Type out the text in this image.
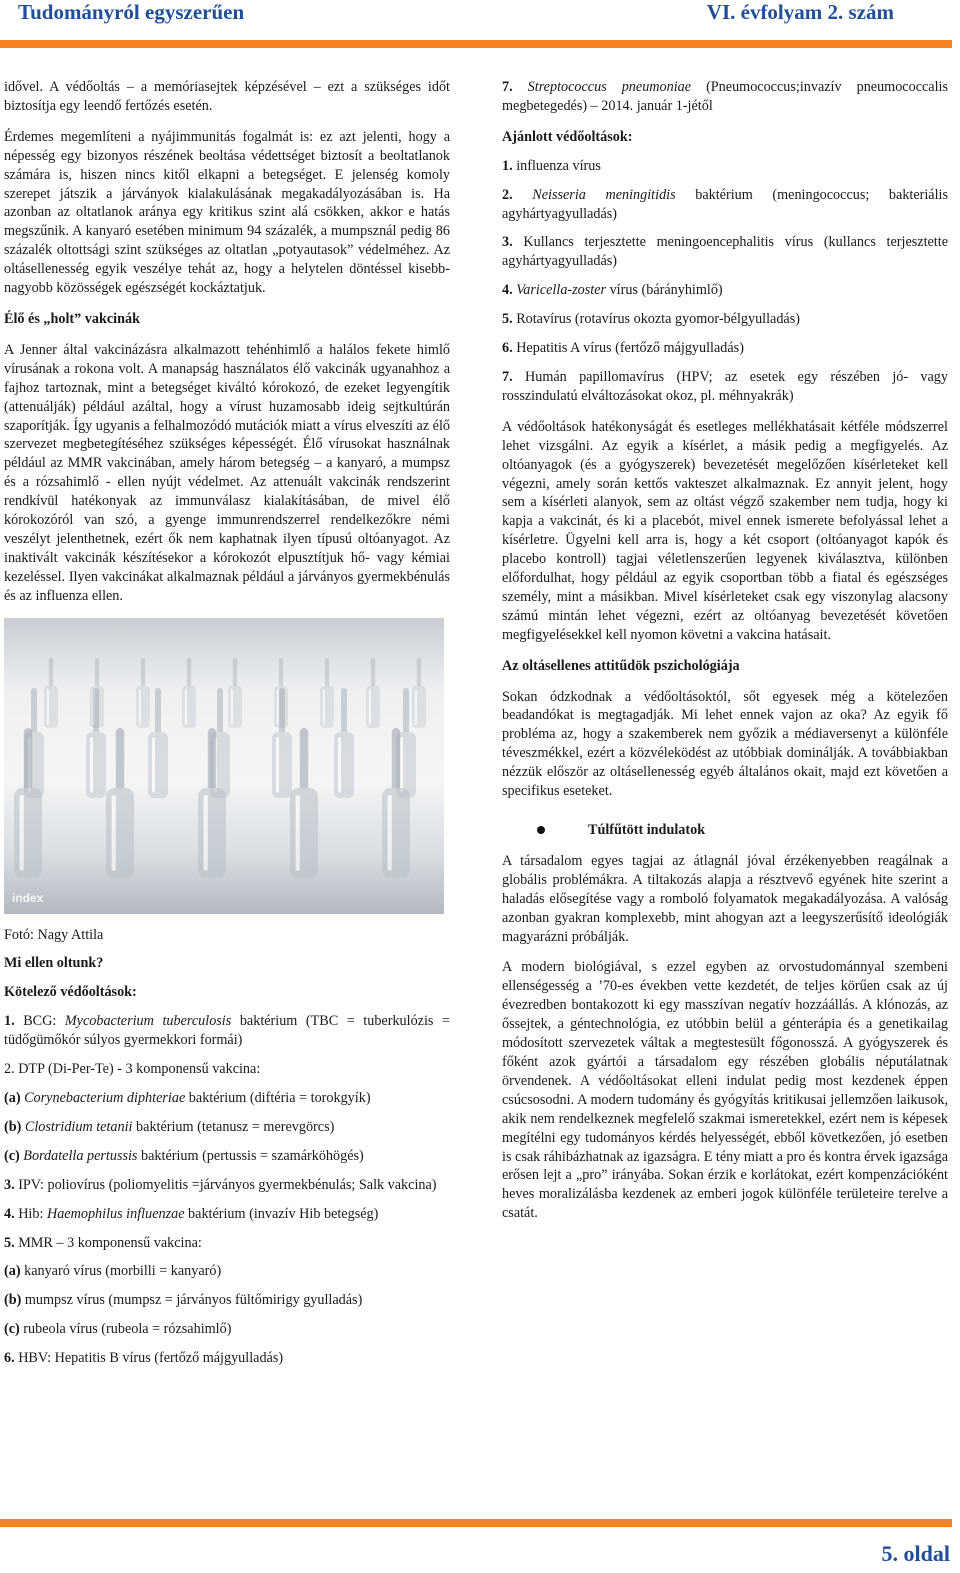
Tudományról egyszerűen	VI. évfolyam 2. szám

idővel. A védőoltás – a memóriasejtek képzésével – ezt a szükséges időt biztosítja egy leendő fertőzés esetén.

Érdemes megemlíteni a nyájimmunitás fogalmát is: ez azt jelenti, hogy a népesség egy bizonyos részének beoltása védettséget biztosít a beoltatlanok számára is, hiszen nincs kitől elkapni a betegséget. E jelenség komoly szerepet játszik a járványok kialakulásának megakadályozásában is. Ha azonban az oltatlanok aránya egy kritikus szint alá csökken, akkor e hatás megszűnik. A kanyaró esetében minimum 94 százalék, a mumpsznál pedig 86 százalék oltottsági szint szükséges az oltatlan „potyautasok” védelméhez. Az oltásellenesség egyik veszélye tehát az, hogy a helytelen döntéssel kisebb-nagyobb közösségek egészségét kockáztatjuk.

Élő és „holt” vakcinák

A Jenner által vakcinázásra alkalmazott tehénhimlő a halálos fekete himlő vírusának a rokona volt. A manapság használatos élő vakcinák ugyanahhoz a fajhoz tartoznak, mint a betegséget kiváltó kórokozó, de ezeket legyengítik (attenuálják) például azáltal, hogy a vírust huzamosabb ideig sejtkultúrán szaporítják. Így ugyanis a felhalmozódó mutációk miatt a vírus elveszíti az élő szervezet megbetegítéséhez szükséges képességét. Élő vírusokat használnak például az MMR vakcinában, amely három betegség – a kanyaró, a mumpsz és a rózsahimlő - ellen nyújt védelmet. Az attenuált vakcinák rendszerint rendkívül hatékonyak az immunválasz kialakításában, de mivel élő kórokozóról van szó, a gyenge immunrendszerrel rendelkezőkre némi veszélyt jelenthetnek, ezért ők nem kaphatnak ilyen típusú oltóanyagot. Az inaktivált vakcinák készítésekor a kórokozót elpusztítjuk hő- vagy kémiai kezeléssel. Ilyen vakcinákat alkalmaznak például a járványos gyermekbénulás és az influenza ellen.

index

Fotó: Nagy Attila

Mi ellen oltunk?

Kötelező védőoltások:

1. BCG: Mycobacterium tuberculosis baktérium (TBC = tuberkulózis = tüdőgümőkór súlyos gyermekkori formái)

2. DTP (Di-Per-Te) - 3 komponensű vakcina:

(a) Corynebacterium diphteriae baktérium (diftéria = torokgyík)

(b) Clostridium tetanii baktérium (tetanusz = merevgörcs)

(c) Bordatella pertussis baktérium (pertussis = szamárköhögés)

3. IPV: poliovírus (poliomyelitis =járványos gyermekbénulás; Salk vakcina)

4. Hib: Haemophilus influenzae baktérium (invazív Hib betegség)

5. MMR – 3 komponensű vakcina:

(a) kanyaró vírus (morbilli = kanyaró)

(b) mumpsz vírus (mumpsz = járványos fültőmirigy gyulladás)

(c) rubeola vírus (rubeola = rózsahimlő)

6. HBV: Hepatitis B vírus (fertőző májgyulladás)

7. Streptococcus pneumoniae (Pneumococcus;invazív pneumococcalis megbetegedés) – 2014. január 1-jétől

Ajánlott védőoltások:

1. influenza vírus

2. Neisseria meningitidis baktérium (meningococcus; bakteriális agyhártyagyulladás)

3. Kullancs terjesztette meningoencephalitis vírus (kullancs terjesztette agyhártyagyulladás)

4. Varicella-zoster vírus (bárányhimlő)

5. Rotavírus (rotavírus okozta gyomor-bélgyulladás)

6. Hepatitis A vírus (fertőző májgyulladás)

7. Humán papillomavírus (HPV; az esetek egy részében jó- vagy rosszindulatú elváltozásokat okoz, pl. méhnyakrák)

A védőoltások hatékonyságát és esetleges mellékhatásait kétféle módszerrel lehet vizsgálni. Az egyik a kísérlet, a másik pedig a megfigyelés. Az oltóanyagok (és a gyógyszerek) bevezetését megelőzően kísérleteket kell végezni, amely során kettős vakteszet alkalmaznak. Ez annyit jelent, hogy sem a kísérleti alanyok, sem az oltást végző szakember nem tudja, hogy ki kapja a vakcinát, és ki a placebót, mivel ennek ismerete befolyással lehet a kísérletre. Ügyelni kell arra is, hogy a két csoport (oltóanyagot kapók és placebo kontroll) tagjai véletlenszerűen legyenek kiválasztva, különben előfordulhat, hogy például az egyik csoportban több a fiatal és egészséges személy, mint a másikban. Mivel kísérleteket csak egy viszonylag alacsony számú mintán lehet végezni, ezért az oltóanyag bevezetését követően megfigyelésekkel kell nyomon követni a vakcina hatásait.

Az oltásellenes attitűdök pszichológiája

Sokan ódzkodnak a védőoltásoktól, sőt egyesek még a kötelezően beadandókat is megtagadják. Mi lehet ennek vajon az oka? Az egyik fő probléma az, hogy a szakemberek nem győzik a médiaversenyt a különféle téveszmékkel, ezért a közvéleködést az utóbbiak dominálják. A továbbiakban nézzük először az oltásellenesség egyéb általános okait, majd ezt követően a specifikus eseteket.

Túlfűtött indulatok

A társadalom egyes tagjai az átlagnál jóval érzékenyebben reagálnak a globális problémákra. A tiltakozás alapja a résztvevő egyének hite szerint a haladás elősegítése vagy a romboló folyamatok megakadályozása. A valóság azonban gyakran komplexebb, mint ahogyan azt a leegyszerűsítő ideológiák magyarázni próbálják.

A modern biológiával, s ezzel egyben az orvostudománnyal szembeni ellenségesség a ’70-es években vette kezdetét, de teljes körűen csak az új évezredben bontakozott ki egy masszívan negatív hozzáállás. A klónozás, az őssejtek, a géntechnológia, ez utóbbin belül a génterápia és a genetikailag módosított szervezetek váltak a megtestesült főgonosszá. A gyógyszerek és főként azok gyártói a társadalom egy részében globális néputálatnak örvendenek. A védőoltásokat elleni indulat pedig most kezdenek éppen csúcsosodni. A modern tudomány és gyógyítás kritikusai jellemzően laikusok, akik nem rendelkeznek megfelelő szakmai ismeretekkel, ezért nem is képesek megítélni egy tudományos kérdés helyességét, ebből következően, jó esetben is csak ráhibázhatnak az igazságra. E tény miatt a pro és kontra érvek igazsága erősen lejt a „pro” irányába. Sokan érzik e korlátokat, ezért kompenzációként heves moralizálásba kezdenek az emberi jogok különféle területeire terelve a csatát.

5. oldal
